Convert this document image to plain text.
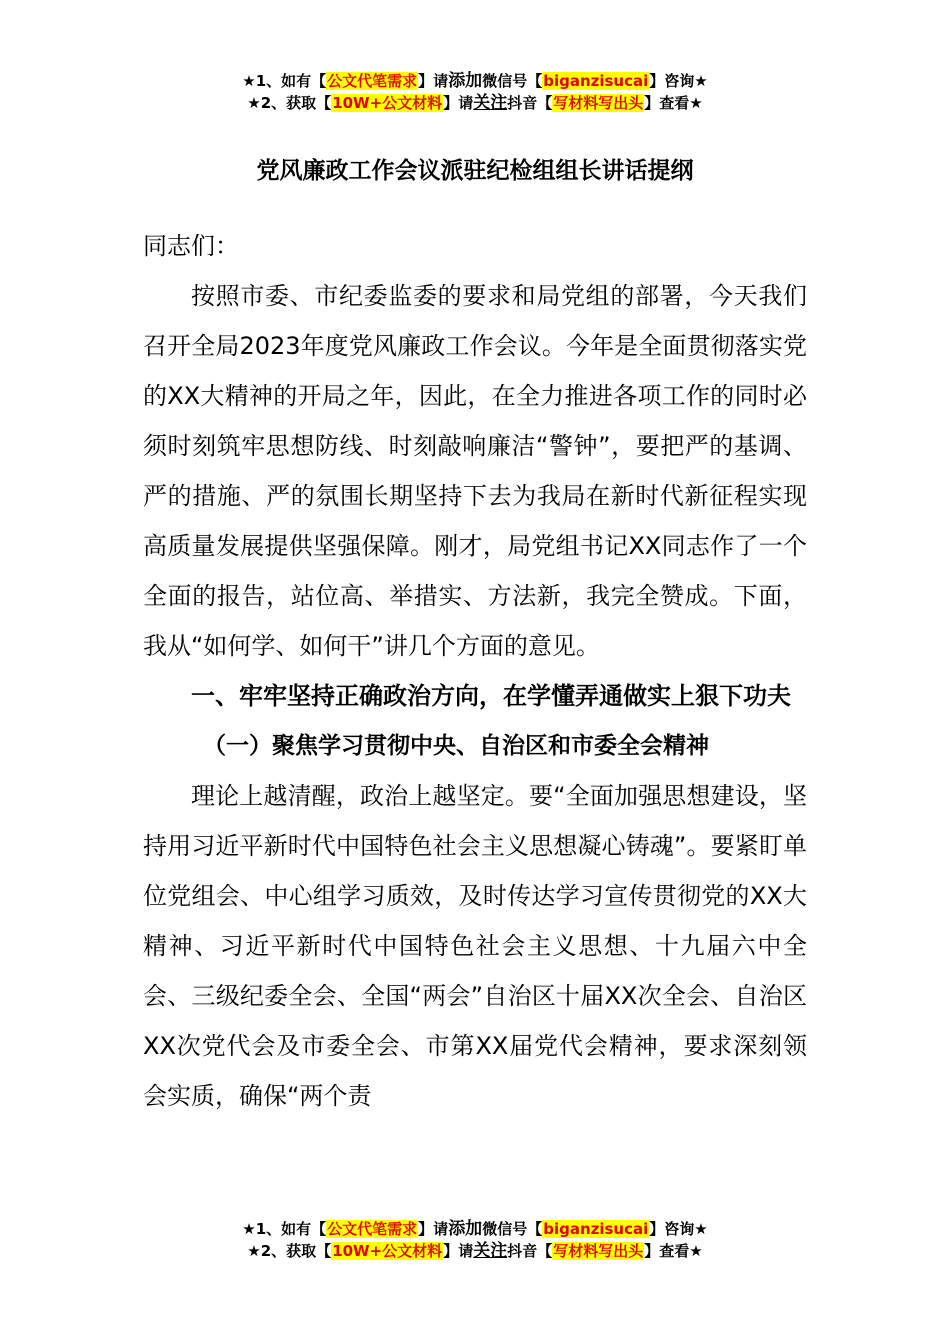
★1、如有【公文代笔需求】请添加微信号【biganzisucai】咨询★
★2、获取【10W+公文材料】请关注抖音【写材料写出头】查看★
党风廉政工作会议派驻纪检组组长讲话提纲
同志们：

按照市委、市纪委监委的要求和局党组的部署，今天我们召开全局2023年度党风廉政工作会议。今年是全面贯彻落实党的XX大精神的开局之年，因此，在全力推进各项工作的同时必须时刻筑牢思想防线、时刻敲响廉洁“警钟”，要把严的基调、严的措施、严的氛围长期坚持下去为我局在新时代新征程实现高质量发展提供坚强保障。刚才，局党组书记XX同志作了一个全面的报告，站位高、举措实、方法新，我完全赞成。下面，我从“如何学、如何干”讲几个方面的意见。

一、牢牢坚持正确政治方向，在学懂弄通做实上狠下功夫

（一）聚焦学习贯彻中央、自治区和市委全会精神

理论上越清醒，政治上越坚定。要“全面加强思想建设，坚持用习近平新时代中国特色社会主义思想凝心铸魂”。要紧盯单位党组会、中心组学习质效，及时传达学习宣传贯彻党的XX大精神、习近平新时代中国特色社会主义思想、十九届六中全会、三级纪委全会、全国“两会”自治区十届XX次全会、自治区XX次党代会及市委全会、市第XX届党代会精神，要求深刻领会实质，确保“两个责

★1、如有【公文代笔需求】请添加微信号【biganzisucai】咨询★
★2、获取【10W+公文材料】请关注抖音【写材料写出头】查看★
